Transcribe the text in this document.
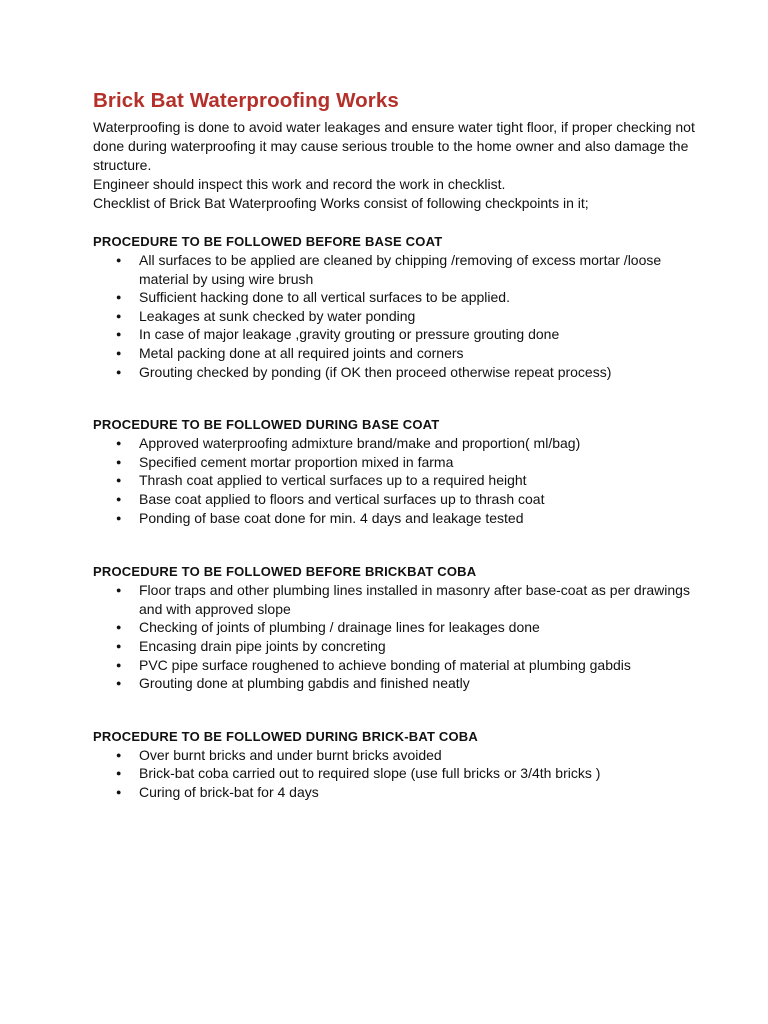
Brick Bat Waterproofing Works

Waterproofing is done to avoid water leakages and ensure water tight floor, if proper checking not done during waterproofing it may cause serious trouble to the home owner and also damage the structure.

Engineer should inspect this work and record the work in checklist.

Checklist of Brick Bat Waterproofing Works consist of following checkpoints in it;

PROCEDURE TO BE FOLLOWED BEFORE BASE COAT
● All surfaces to be applied are cleaned by chipping /removing of excess mortar /loose material by using wire brush
● Sufficient hacking done to all vertical surfaces to be applied.
● Leakages at sunk checked by water ponding
● In case of major leakage ,gravity grouting or pressure grouting done
● Metal packing done at all required joints and corners
● Grouting checked by ponding (if OK then proceed otherwise repeat process)
PROCEDURE TO BE FOLLOWED DURING BASE COAT
● Approved waterproofing admixture brand/make and proportion( ml/bag)
● Specified cement mortar proportion mixed in farma
● Thrash coat applied to vertical surfaces up to a required height
● Base coat applied to floors and vertical surfaces up to thrash coat
● Ponding of base coat done for min. 4 days and leakage tested
PROCEDURE TO BE FOLLOWED BEFORE BRICKBAT COBA
● Floor traps and other plumbing lines installed in masonry after base-coat as per drawings and with approved slope
● Checking of joints of plumbing / drainage lines for leakages done
● Encasing drain pipe joints by concreting
● PVC pipe surface roughened to achieve bonding of material at plumbing gabdis
● Grouting done at plumbing gabdis and finished neatly
PROCEDURE TO BE FOLLOWED DURING BRICK-BAT COBA
● Over burnt bricks and under burnt bricks avoided
● Brick-bat coba carried out to required slope (use full bricks or 3/4th bricks )
● Curing of brick-bat for 4 days
